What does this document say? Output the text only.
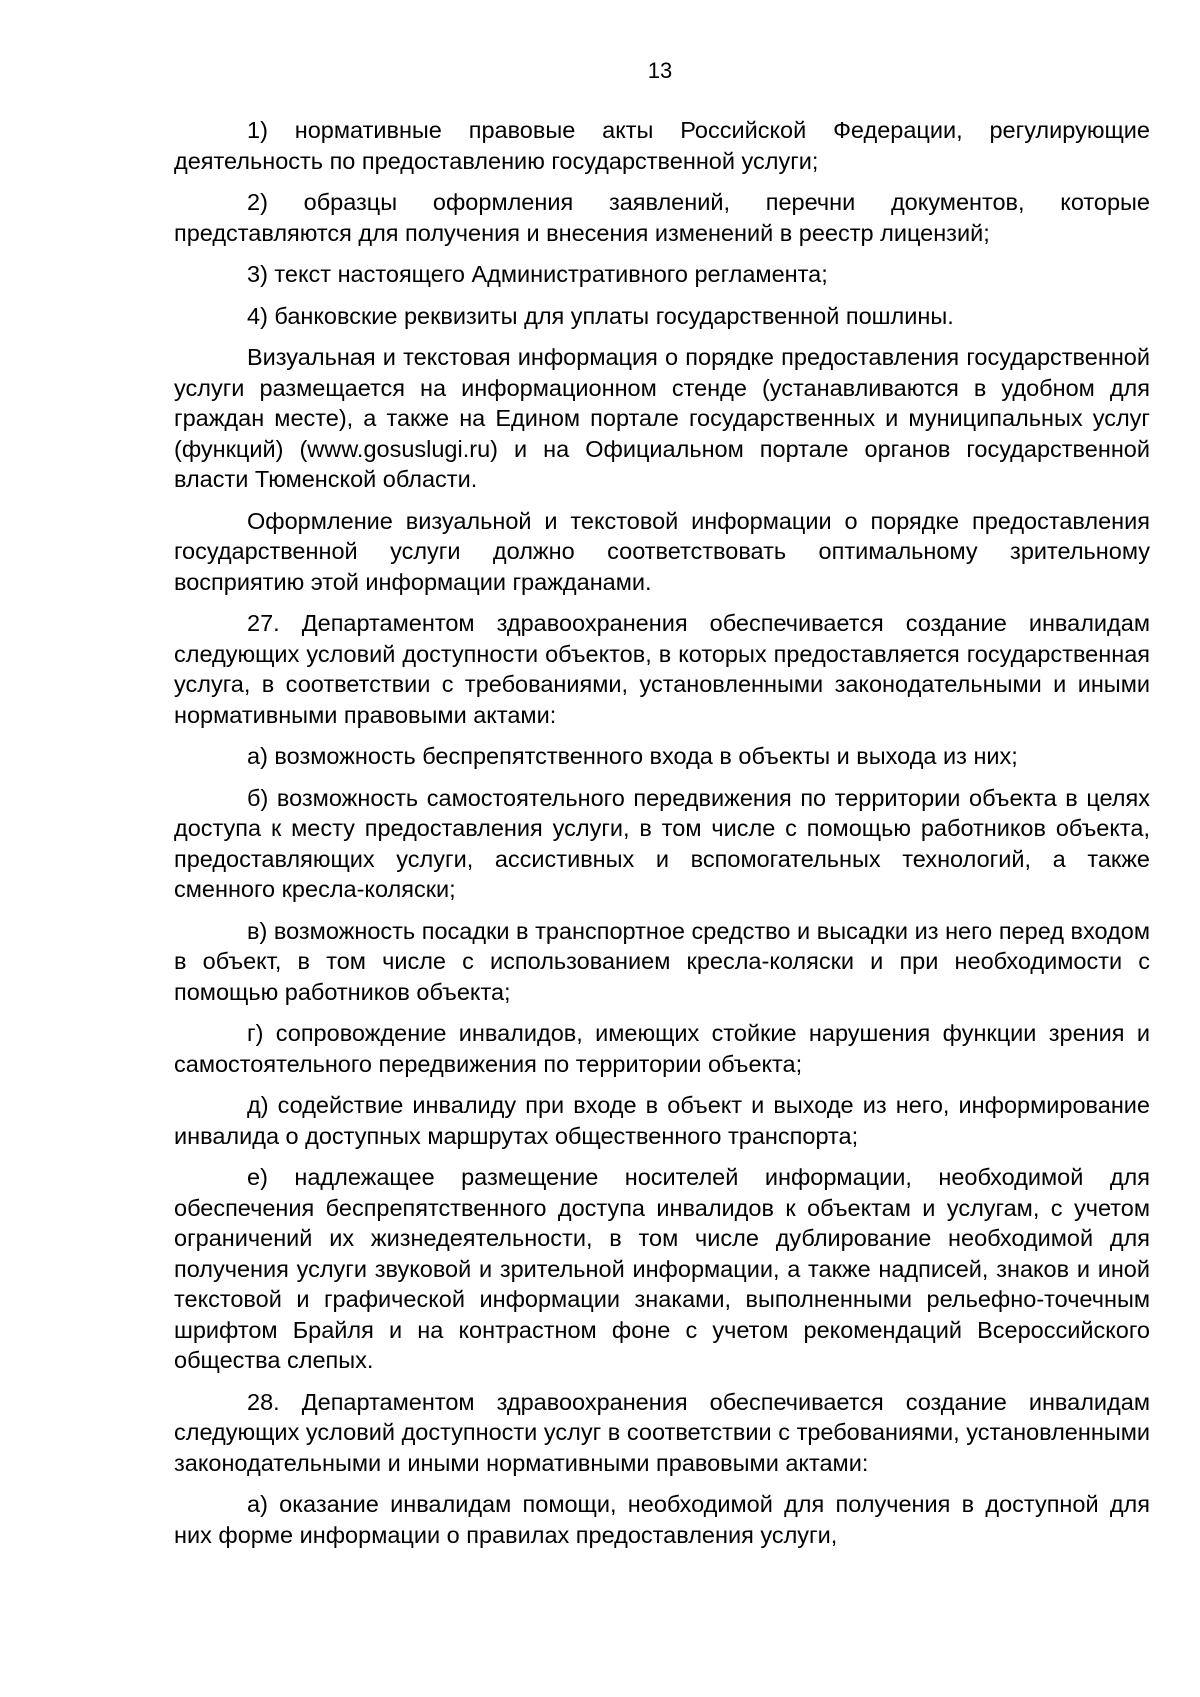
13

1) нормативные правовые акты Российской Федерации, регулирующие деятельность по предоставлению государственной услуги;

2) образцы оформления заявлений, перечни документов, которые представляются для получения и внесения изменений в реестр лицензий;

3) текст настоящего Административного регламента;

4) банковские реквизиты для уплаты государственной пошлины.

Визуальная и текстовая информация о порядке предоставления государственной услуги размещается на информационном стенде (устанавливаются в удобном для граждан месте), а также на Едином портале государственных и муниципальных услуг (функций) (www.gosuslugi.ru) и на Официальном портале органов государственной власти Тюменской области.

Оформление визуальной и текстовой информации о порядке предоставления государственной услуги должно соответствовать оптимальному зрительному восприятию этой информации гражданами.

27. Департаментом здравоохранения обеспечивается создание инвалидам следующих условий доступности объектов, в которых предоставляется государственная услуга, в соответствии с требованиями, установленными законодательными и иными нормативными правовыми актами:

а) возможность беспрепятственного входа в объекты и выхода из них;

б) возможность самостоятельного передвижения по территории объекта в целях доступа к месту предоставления услуги, в том числе с помощью работников объекта, предоставляющих услуги, ассистивных и вспомогательных технологий, а также сменного кресла-коляски;

в) возможность посадки в транспортное средство и высадки из него перед входом в объект, в том числе с использованием кресла-коляски и при необходимости с помощью работников объекта;

г) сопровождение инвалидов, имеющих стойкие нарушения функции зрения и самостоятельного передвижения по территории объекта;

д) содействие инвалиду при входе в объект и выходе из него, информирование инвалида о доступных маршрутах общественного транспорта;

е) надлежащее размещение носителей информации, необходимой для обеспечения беспрепятственного доступа инвалидов к объектам и услугам, с учетом ограничений их жизнедеятельности, в том числе дублирование необходимой для получения услуги звуковой и зрительной информации, а также надписей, знаков и иной текстовой и графической информации знаками, выполненными рельефно-точечным шрифтом Брайля и на контрастном фоне с учетом рекомендаций Всероссийского общества слепых.

28. Департаментом здравоохранения обеспечивается создание инвалидам следующих условий доступности услуг в соответствии с требованиями, установленными законодательными и иными нормативными правовыми актами:

а) оказание инвалидам помощи, необходимой для получения в доступной для них форме информации о правилах предоставления услуги,
